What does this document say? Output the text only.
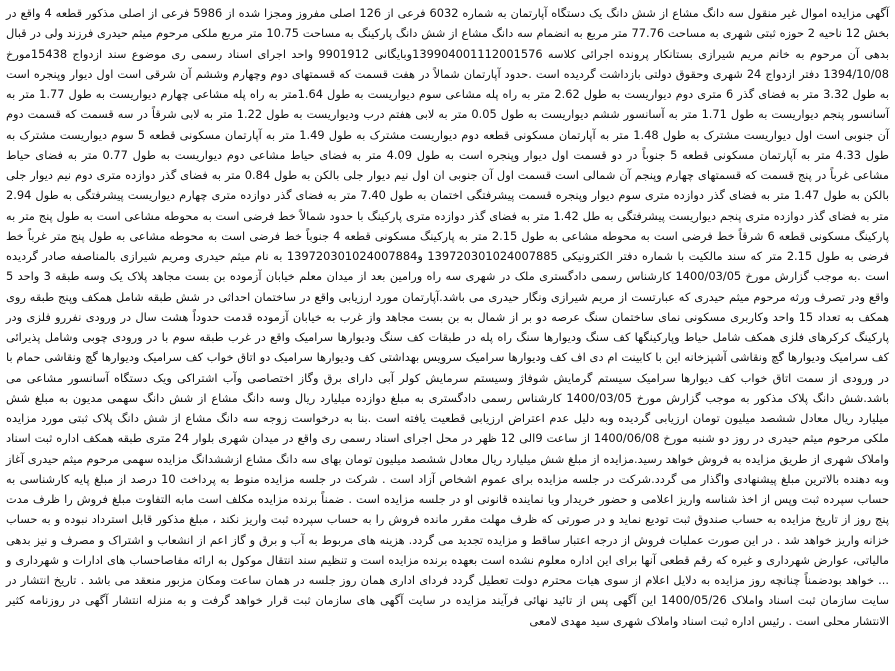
آگهی مزایده اموال غیر منقول سه دانگ مشاع از شش دانگ یک دستگاه آپارتمان به شماره 6032 فرعی از 126 اصلی مفروز ومجزا شده از 5986 فرعی از اصلی مذکور قطعه 4 واقع در بخش 12 ناحیه 2 حوزه ثبتی شهری به مساحت 77.76 متر مربع به انضمام سه دانگ مشاع از شش دانگ پارکینگ به مساحت 10.75 متر مربع ملکی مرحوم میثم حیدری فرزند ولی در قبال بدهی آن مرحوم به خانم مریم شیرازی بستانکار پرونده اجرائی کلاسه 139904001112001576وبایگانی 9901912 واحد اجرای اسناد رسمی ری موضوع سند ازدواج 15438مورخ 1394/10/08 دفتر ازدواج 24 شهری وحقوق دولتی بازداشت گردیده است .حدود آپارتمان شمالاً در هفت قسمت که قسمتهای دوم وچهارم وششم آن شرقی است اول دیوار وپنجره است به طول 3.32 متر به فضای گذر 6 متری دوم دیواریست به طول 2.62 متر به راه پله مشاعی سوم دیواریست به طول 1.64متر به راه پله مشاعی چهارم دیواریست به طول 1.77 متر به آسانسور پنجم دیواریست به طول 1.71 متر به آسانسور ششم دیواریست به طول 0.05 متر به لابی هفتم درب ودیواریست به طول 1.22 متر به لابی شرقاً در سه قسمت که قسمت دوم آن جنوبی است اول دیواریست مشترک به طول 1.48 متر به آپارتمان مسکونی قطعه دوم دیواریست مشترک به طول 1.49 متر به آپارتمان مسکونی قطعه 5 سوم دیواریست مشترک به طول 4.33 متر به آپارتمان مسکونی قطعه 5 جنوباً در دو قسمت اول دیوار وپنجره است به طول 4.09 متر به فضای حیاط مشاعی دوم دیواریست به طول 0.77 متر به فضای حیاط مشاعی غرباً در پنج قسمت که قسمتهای چهارم وپنجم آن شمالی است قسمت اول آن جنوبی ان اول نیم دیوار جلی بالکن به طول 0.84 متر به فضای گذر دوازده متری دوم نیم دیوار جلی بالکن به طول 1.47 متر به فضای گذر دوازده متری سوم دیوار وپنجره قسمت پیشرفتگی اختمان به طول 7.40 متر به فضای گذر دوازده متری چهارم دیواریست پیشرفتگی به طول 2.94 متر به فضای گذر دوازده متری پنجم دیواریست پیشرفتگی به طل 1.42 متر به فضای گذر دوازده متری پارکینگ با حدود شمالاً خط فرضی است به محوطه مشاعی است به طول پنج متر به پارکینگ مسکونی قطعه 6 شرقاً خط فرضی است به محوطه مشاعی به طول 2.15 متر به پارکینگ مسکونی قطعه 4 جنوباً خط فرضی است به محوطه مشاعی به طول پنج متر غرباً خط فرضی به طول 2.15 متر که سند مالکیت با شماره دفتر الکترونیکی 139720301024007885 و139720301024007884 به نام میثم حیدری ومریم شیرازی بالمناصفه صادر گردیده است .به موجب گزارش مورخ 1400/03/05 کارشناس رسمی دادگستری ملک در شهری سه راه ورامین بعد از میدان معلم خیابان آزموده بن بست مجاهد پلاک یک وسه طبقه 3 واحد 5 واقع ودر تصرف ورثه مرحوم میثم حیدری که عبارتست از مریم شیرازی ونگار حیدری می باشد.آپارتمان مورد ارزیابی واقع در ساختمان احداثی در شش طبقه شامل همکف وپنج طبقه روی همکف به تعداد 15 واحد وکاربری مسکونی نمای ساختمان سنگ عرصه دو بر از شمال به بن بست مجاهد واز غرب به خیابان آزموده قدمت حدوداً هشت سال در ورودی نفررو فلزی ودر پارکینگ کرکرهای فلزی همکف شامل حیاط وپارکینگها کف سنگ ودیوارها سنگ راه پله در طبقات کف سنگ ودیوارها سرامیک واقع در غرب طبقه سوم با در ورودی چوبی وشامل پذیرائی کف سرامیک ودیوارها گچ ونقاشی آشپزخانه این با کابینت ام دی اف کف ودیوارها سرامیک سرویس بهداشتی کف ودیوارها سرامیک دو اتاق خواب کف سرامیک ودیوارها گچ ونقاشی حمام با در ورودی از سمت اتاق خواب کف دیوارها سرامیک سیستم گرمایش شوفاژ وسیستم سرمایش کولر آبی دارای برق وگاز اختصاصی وآب اشتراکی ویک دستگاه آسانسور مشاعی می باشد.شش دانگ پلاک مذکور به موجب گزارش مورخ 1400/03/05 کارشناس رسمی دادگستری به مبلغ دوازده میلیارد ریال وسه دانگ مشاع از شش دانگ سهمی مدیون به مبلغ شش میلیارد ریال معادل ششصد میلیون تومان ارزیابی گردیده وبه دلیل عدم اعتراض ارزیابی قطعیت یافته است .بنا به درخواست زوجه سه دانگ مشاع از شش دانگ پلاک ثبتی مورد مزایده ملکی مرحوم میثم حیدری در روز دو شنبه مورخ 1400/06/08 از ساعت 9الی 12 ظهر در محل اجرای اسناد رسمی ری واقع در میدان شهری بلوار 24 متری طبقه همکف اداره ثبت اسناد واملاک شهری از طریق مزایده به فروش خواهد رسید.مزایده از مبلغ شش میلیارد ریال معادل ششصد میلیون تومان بهای سه دانگ مشاع ازششدانگ مزایده سهمی مرحوم میثم حیدری آغاز وبه دهنده بالاترین مبلغ پیشنهادی واگذار می گردد.شرکت در جلسه مزایده برای عموم اشخاص آزاد است . شرکت در جلسه مزایده منوط به پرداخت 10 درصد از مبلغ پایه کارشناسی به حساب سپرده ثبت وپس از اخذ شناسه واریز اعلامی و حضور خریدار ویا نماینده قانونی او در جلسه مزایده است . ضمناً برنده مزایده مکلف است مابه التفاوت مبلغ فروش را ظرف مدت پنج روز از تاریخ مزایده به حساب صندوق ثبت تودیع نماید و در صورتی که ظرف مهلت مقرر مانده فروش را به حساب سپرده ثبت واریز نکند ، مبلغ مذکور قابل استرداد نبوده و به حساب خزانه واریز خواهد شد . در این صورت عملیات فروش از درجه اعتبار ساقط و مزایده تجدید می گردد. هزینه های مربوط به آب و برق و گاز اعم از انشعاب و اشتراک و مصرف و نیز بدهی مالیاتی، عوارض شهرداری و غیره که رقم قطعی آنها برای این اداره معلوم نشده است بعهده برنده مزایده است و تنظیم سند انتقال موکول به ارائه مفاصاحساب های ادارات و شهرداری و ... خواهد بودضمناً چنانچه روز مزایده به دلایل اعلام از سوی هیات محترم دولت تعطیل گردد فردای اداری همان روز جلسه در همان ساعت ومکان مزبور منعقد می باشد . تاریخ انتشار در سایت سازمان ثبت اسناد واملاک 1400/05/26 این آگهی پس از تائید نهائی فرآیند مزایده در سایت آگهی های سازمان ثبت قرار خواهد گرفت و به منزله انتشار آگهی در روزنامه کثیر الانتشار محلی است . رئیس اداره ثبت اسناد واملاک شهری سید مهدی لامعی
